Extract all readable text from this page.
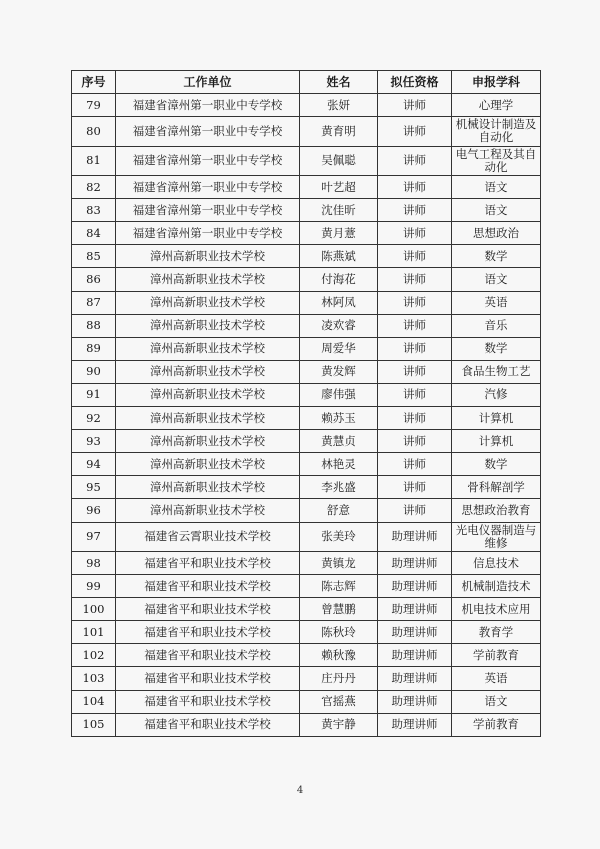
序号	工作单位	姓名	拟任资格	申报学科
79	福建省漳州第一职业中专学校	张妍	讲师	心理学
80	福建省漳州第一职业中专学校	黄育明	讲师	机械设计制造及自动化
81	福建省漳州第一职业中专学校	吴佩聪	讲师	电气工程及其自动化
82	福建省漳州第一职业中专学校	叶艺超	讲师	语文
83	福建省漳州第一职业中专学校	沈佳昕	讲师	语文
84	福建省漳州第一职业中专学校	黄月薏	讲师	思想政治
85	漳州高新职业技术学校	陈燕斌	讲师	数学
86	漳州高新职业技术学校	付海花	讲师	语文
87	漳州高新职业技术学校	林阿凤	讲师	英语
88	漳州高新职业技术学校	凌欢睿	讲师	音乐
89	漳州高新职业技术学校	周爱华	讲师	数学
90	漳州高新职业技术学校	黄发辉	讲师	食品生物工艺
91	漳州高新职业技术学校	廖伟强	讲师	汽修
92	漳州高新职业技术学校	赖苏玉	讲师	计算机
93	漳州高新职业技术学校	黄慧贞	讲师	计算机
94	漳州高新职业技术学校	林艳灵	讲师	数学
95	漳州高新职业技术学校	李兆盛	讲师	骨科解剖学
96	漳州高新职业技术学校	舒意	讲师	思想政治教育
97	福建省云霄职业技术学校	张美玲	助理讲师	光电仪器制造与维修
98	福建省平和职业技术学校	黄镇龙	助理讲师	信息技术
99	福建省平和职业技术学校	陈志辉	助理讲师	机械制造技术
100	福建省平和职业技术学校	曾慧鹏	助理讲师	机电技术应用
101	福建省平和职业技术学校	陈秋玲	助理讲师	教育学
102	福建省平和职业技术学校	赖秋豫	助理讲师	学前教育
103	福建省平和职业技术学校	庄丹丹	助理讲师	英语
104	福建省平和职业技术学校	官摇燕	助理讲师	语文
105	福建省平和职业技术学校	黄宇静	助理讲师	学前教育
4
